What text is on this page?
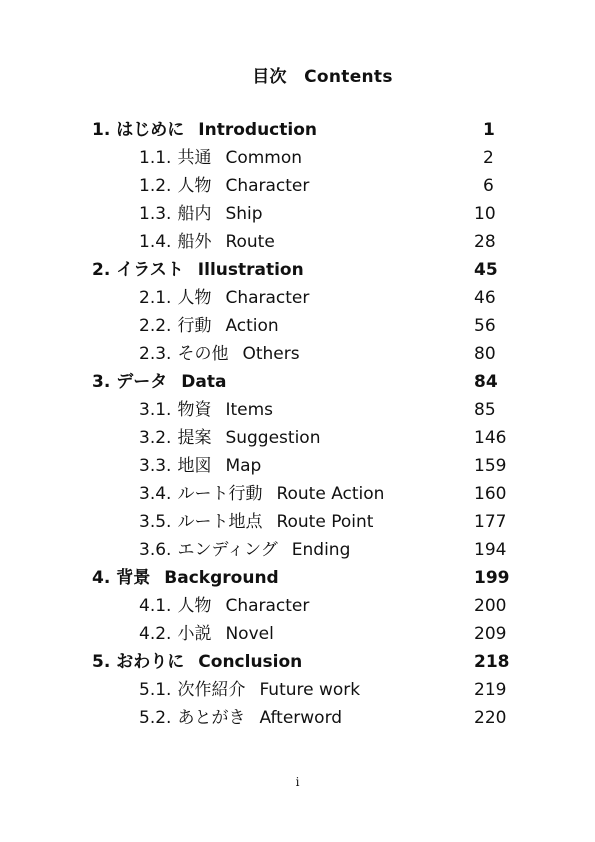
目次　Contents
1. はじめに Introduction	1
1.1. 共通 Common	2
1.2. 人物 Character	6
1.3. 船内 Ship	10
1.4. 船外 Route	28
2. イラスト Illustration	45
2.1. 人物 Character	46
2.2. 行動 Action	56
2.3. その他 Others	80
3. データ Data	84
3.1. 物資 Items	85
3.2. 提案 Suggestion	146
3.3. 地図 Map	159
3.4. ルート行動 Route Action	160
3.5. ルート地点 Route Point	177
3.6. エンディング Ending	194
4. 背景 Background	199
4.1. 人物 Character	200
4.2. 小説 Novel	209
5. おわりに Conclusion	218
5.1. 次作紹介 Future work	219
5.2. あとがき Afterword	220
i
